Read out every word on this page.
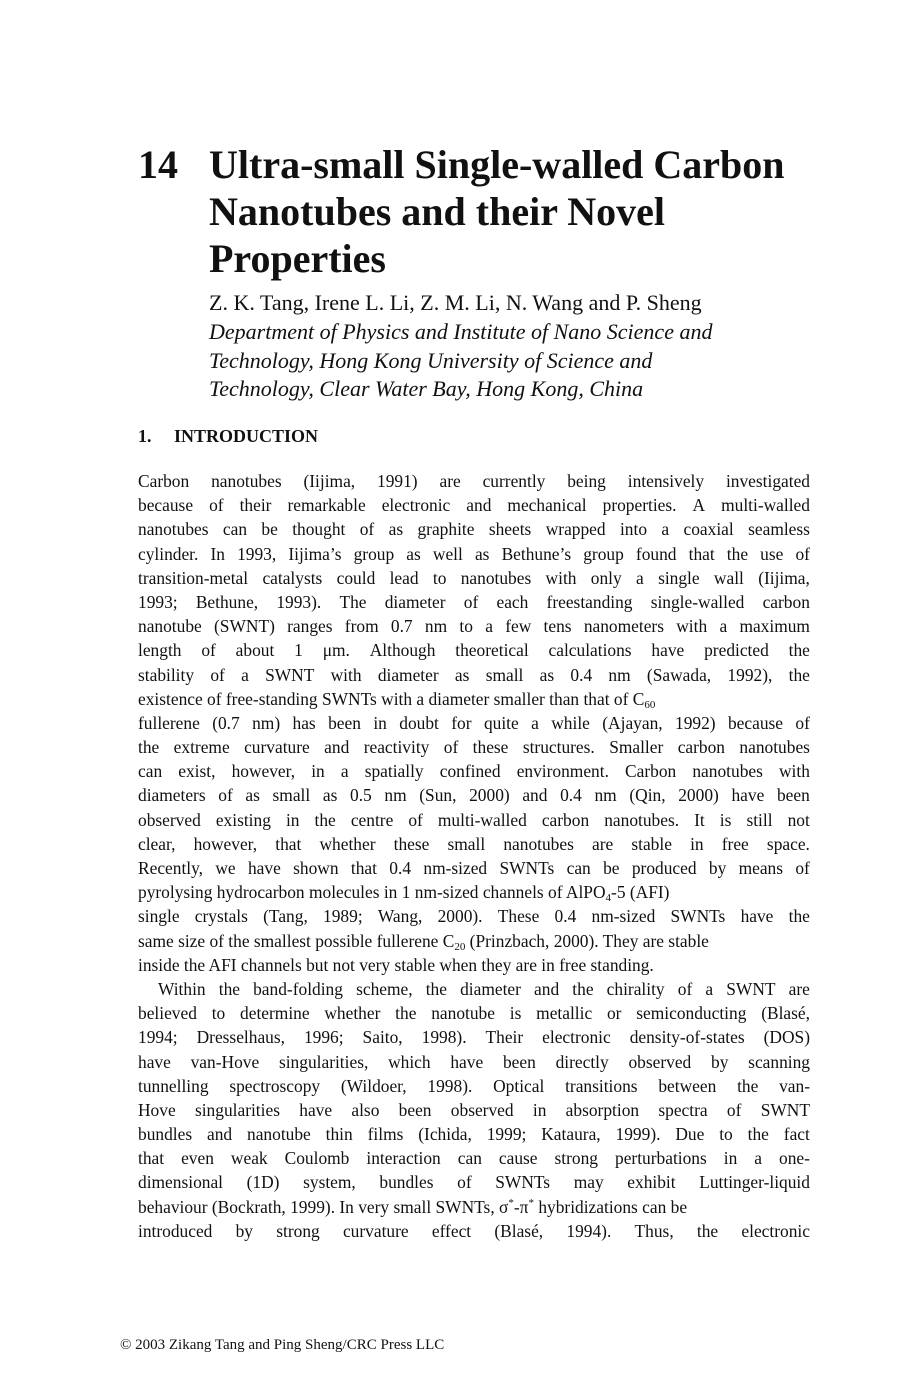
14 Ultra-small Single-walled Carbon
Nanotubes and their Novel
Properties
Z. K. Tang, Irene L. Li, Z. M. Li, N. Wang and P. Sheng
Department of Physics and Institute of Nano Science and
Technology, Hong Kong University of Science and
Technology, Clear Water Bay, Hong Kong, China
1. INTRODUCTION
Carbon nanotubes (Iijima, 1991) are currently being intensively investigated
because of their remarkable electronic and mechanical properties. A multi-walled
nanotubes can be thought of as graphite sheets wrapped into a coaxial seamless
cylinder. In 1993, Iijima’s group as well as Bethune’s group found that the use of
transition-metal catalysts could lead to nanotubes with only a single wall (Iijima,
1993; Bethune, 1993). The diameter of each freestanding single-walled carbon
nanotube (SWNT) ranges from 0.7 nm to a few tens nanometers with a maximum
length of about 1 μm. Although theoretical calculations have predicted the
stability of a SWNT with diameter as small as 0.4 nm (Sawada, 1992), the
existence of free-standing SWNTs with a diameter smaller than that of $C_{60}$
fullerene (0.7 nm) has been in doubt for quite a while (Ajayan, 1992) because of
the extreme curvature and reactivity of these structures. Smaller carbon nanotubes
can exist, however, in a spatially confined environment. Carbon nanotubes with
diameters of as small as 0.5 nm (Sun, 2000) and 0.4 nm (Qin, 2000) have been
observed existing in the centre of multi-walled carbon nanotubes. It is still not
clear, however, that whether these small nanotubes are stable in free space.
Recently, we have shown that 0.4 nm-sized SWNTs can be produced by means of
pyrolysing hydrocarbon molecules in 1 nm-sized channels of AlPO$_4$-5 (AFI)
single crystals (Tang, 1989; Wang, 2000). These 0.4 nm-sized SWNTs have the
same size of the smallest possible fullerene $C_{20}$ (Prinzbach, 2000). They are stable
inside the AFI channels but not very stable when they are in free standing.
Within the band-folding scheme, the diameter and the chirality of a SWNT are
believed to determine whether the nanotube is metallic or semiconducting (Blasé,
1994; Dresselhaus, 1996; Saito, 1998). Their electronic density-of-states (DOS)
have van-Hove singularities, which have been directly observed by scanning
tunnelling spectroscopy (Wildoer, 1998). Optical transitions between the van-
Hove singularities have also been observed in absorption spectra of SWNT
bundles and nanotube thin films (Ichida, 1999; Kataura, 1999). Due to the fact
that even weak Coulomb interaction can cause strong perturbations in a one-
dimensional (1D) system, bundles of SWNTs may exhibit Luttinger-liquid
behaviour (Bockrath, 1999). In very small SWNTs, σ*-π* hybridizations can be
introduced by strong curvature effect (Blasé, 1994). Thus, the electronic
© 2003 Zikang Tang and Ping Sheng/CRC Press LLC
